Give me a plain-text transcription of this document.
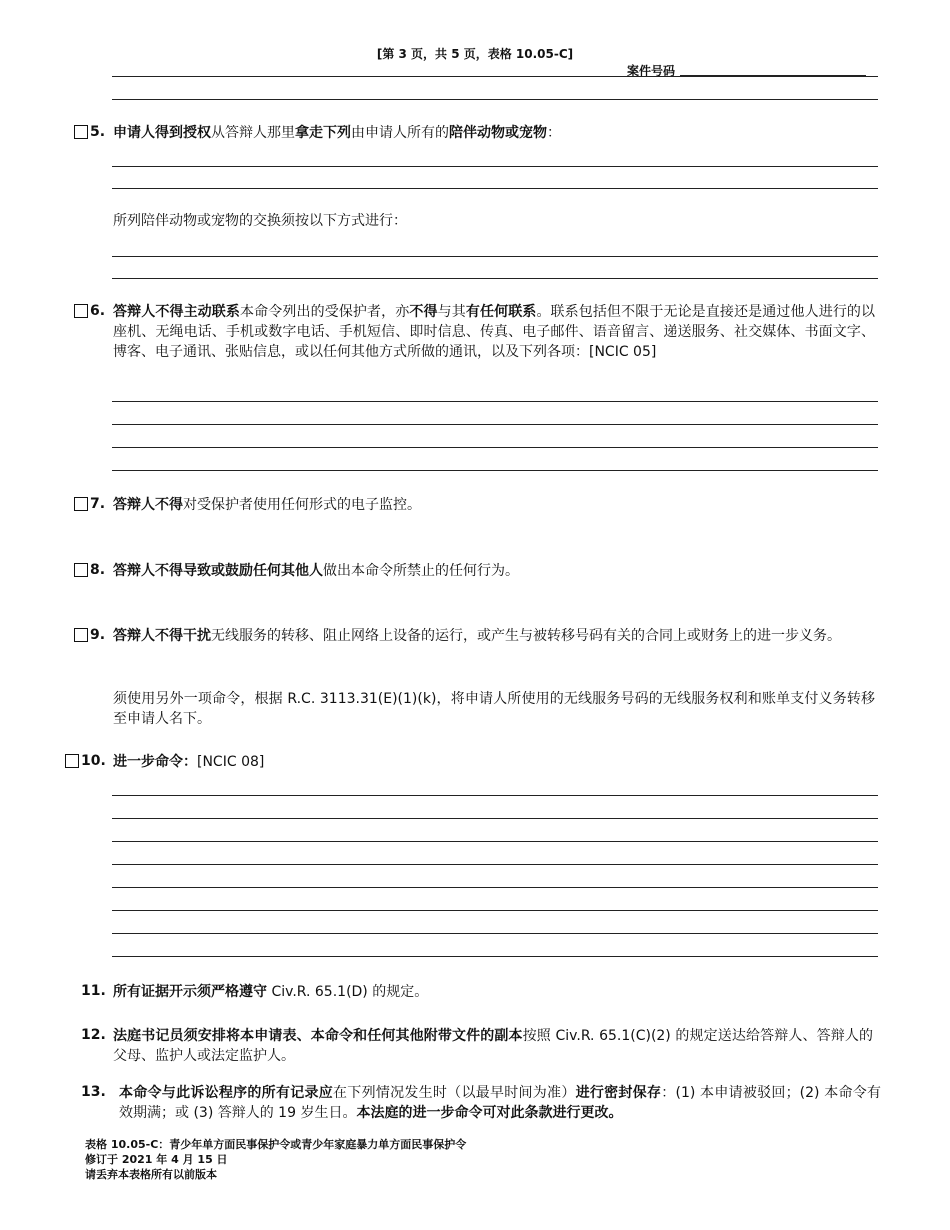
[第 3 页，共 5 页，表格 10.05-C]
案件号码
5. 申请人得到授权从答辩人那里拿走下列由申请人所有的陪伴动物或宠物：
所列陪伴动物或宠物的交换须按以下方式进行：
6. 答辩人不得主动联系本命令列出的受保护者，亦不得与其有任何联系。联系包括但不限于无论是直接还是通过他人进行的以座机、无绳电话、手机或数字电话、手机短信、即时信息、传真、电子邮件、语音留言、递送服务、社交媒体、书面文字、博客、电子通讯、张贴信息，或以任何其他方式所做的通讯，以及下列各项：[NCIC 05]
7. 答辩人不得对受保护者使用任何形式的电子监控。
8. 答辩人不得导致或鼓励任何其他人做出本命令所禁止的任何行为。
9. 答辩人不得干扰无线服务的转移、阻止网络上设备的运行，或产生与被转移号码有关的合同上或财务上的进一步义务。
须使用另外一项命令，根据 R.C. 3113.31(E)(1)(k)，将申请人所使用的无线服务号码的无线服务权利和账单支付义务转移至申请人名下。
10. 进一步命令：[NCIC 08]
11. 所有证据开示须严格遵守 Civ.R. 65.1(D) 的规定。
12. 法庭书记员须安排将本申请表、本命令和任何其他附带文件的副本按照 Civ.R. 65.1(C)(2) 的规定送达给答辩人、答辩人的父母、监护人或法定监护人。
13. 本命令与此诉讼程序的所有记录应在下列情况发生时（以最早时间为准）进行密封保存：(1) 本申请被驳回；(2) 本命令有效期满；或 (3) 答辩人的 19 岁生日。本法庭的进一步命令可对此条款进行更改。
表格 10.05-C：青少年单方面民事保护令或青少年家庭暴力单方面民事保护令
修订于 2021 年 4 月 15 日
请丢弃本表格所有以前版本
